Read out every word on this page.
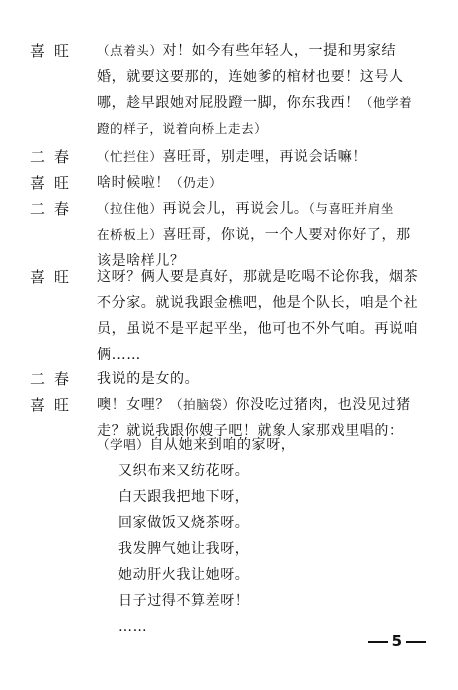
喜旺	（点着头）对！如今有些年轻人，一提和男家结

婚，就要这要那的，连她爹的棺材也要！这号人

哪，趁早跟她对屁股蹬一脚，你东我西！（他学着

蹬的样子，说着向桥上走去）

二春	（忙拦住）喜旺哥，别走哩，再说会话嘛！

喜旺	啥时候啦！（仍走）

二春	（拉住他）再说会儿，再说会儿。（与喜旺并肩坐

在桥板上）喜旺哥，你说，一个人要对你好了，那

该是啥样儿？

喜旺	这呀？俩人要是真好，那就是吃喝不论你我，烟茶

不分家。就说我跟金樵吧，他是个队长，咱是个社

员，虽说不是平起平坐，他可也不外气咱。再说咱

俩……

二春	我说的是女的。

喜旺	噢！女哩？（拍脑袋）你没吃过猪肉，也没见过猪

走？就说我跟你嫂子吧！就象人家那戏里唱的：

（学唱）自从她来到咱的家呀，

又织布来又纺花呀。

白天跟我把地下呀，

回家做饭又烧茶呀。

我发脾气她让我呀，

她动肝火我让她呀。

日子过得不算差呀！

……

5
